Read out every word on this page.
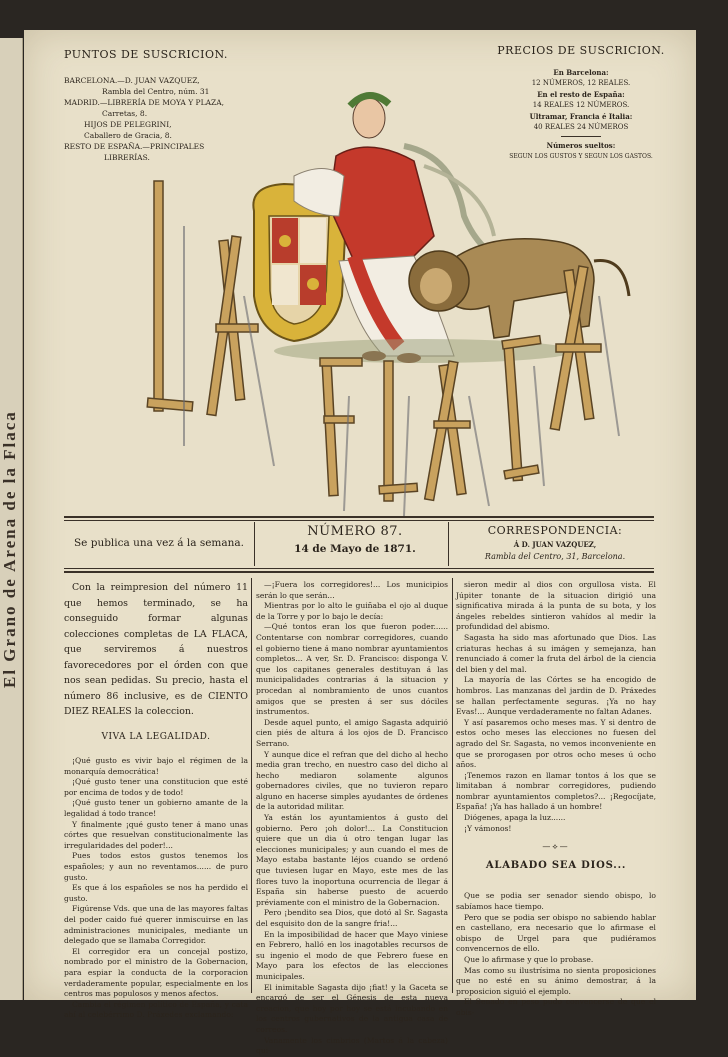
El Grano de Arena de la Flaca
PUNTOS DE SUSCRICION.
BARCELONA.—D. JUAN VAZQUEZ,
Rambla del Centro, núm. 31
MADRID.—LIBRERÍA DE MOYA Y PLAZA,
Carretas, 8.
HIJOS DE PELEGRINI,
Caballero de Gracia, 8.
RESTO DE ESPAÑA.—PRINCIPALES
LIBRERÍAS.
PRECIOS DE SUSCRICION.
En Barcelona:
12 NÚMEROS, 12 REALES.
En el resto de España:
14 REALES 12 NÚMEROS.
Ultramar, Francia é Italia:
40 REALES 24 NÚMEROS
Números sueltos:
SEGUN LOS GUSTOS Y SEGUN LOS GASTOS.
Se publica una vez á la semana.
NÚMERO 87.
14 de Mayo de 1871.
CORRESPONDENCIA:
Á D. JUAN VAZQUEZ,
Rambla del Centro, 31, Barcelona.

Con la reimpresion del número 11 que hemos terminado, se ha conseguido formar algunas colecciones completas de LA FLACA, que serviremos á nuestros favorecedores por el órden con que nos sean pedidas. Su precio, hasta el número 86 inclusive, es de CIENTO DIEZ REALES la coleccion.

VIVA LA LEGALIDAD.

¡Qué gusto es vivir bajo el régimen de la monarquía democrática!

¡Qué gusto tener una constitucion que esté por encima de todos y de todo!

¡Qué gusto tener un gobierno amante de la legalidad á todo trance!

Y finalmente ¡qué gusto tener á mano unas córtes que resuelvan constitucionalmente las irregularidades del poder!...

Pues todos estos gustos tenemos los españoles; y aun no reventamos...... de puro gusto.

Es que á los españoles se nos ha perdido el gusto.

Figúrense Vds. que una de las mayores faltas del poder caido fué querer inmiscuirse en las administraciones municipales, mediante un delegado que se llamaba Corregidor.

El corregidor era un concejal postizo, nombrado por el ministro de la Gobernacion, para espiar la conducta de la corporacion verdaderamente popular, especialmente en los centros mas populosos y menos afectos.

Cambia el régimen político de España, y cata ahí al celebérrimo D. Práxedes exclamando:

—¡Fuera los corregidores!... Los municipios serán lo que serán...

Mientras por lo alto le guiñaba el ojo al duque de la Torre y por lo bajo le decía:

—Qué tontos eran los que fueron poder...... Contentarse con nombrar corregidores, cuando el gobierno tiene á mano nombrar ayuntamientos completos... A ver, Sr. D. Francisco: disponga V. que los capitanes generales destituyan á las municipalidades contrarias á la situacion y procedan al nombramiento de unos cuantos amigos que se presten á ser sus dóciles instrumentos.

Desde aquel punto, el amigo Sagasta adquirió cien piés de altura á los ojos de D. Francisco Serrano.

Y aunque dice el refran que del dicho al hecho media gran trecho, en nuestro caso del dicho al hecho mediaron solamente algunos gobernadores civiles, que no tuvieron reparo alguno en hacerse simples ayudantes de órdenes de la autoridad militar.

Ya están los ayuntamientos á gusto del gobierno. Pero ¡oh dolor!... La Constitucion quiere que un dia ú otro tengan lugar las elecciones municipales; y aun cuando el mes de Mayo estaba bastante léjos cuando se ordenó que tuviesen lugar en Mayo, este mes de las flores tuvo la inoportuna ocurrencia de llegar á España sin haberse puesto de acuerdo préviamente con el ministro de la Gobernacion.

Pero ¡bendito sea Dios, que dotó al Sr. Sagasta del esquisito don de la sangre fria!...

En la imposibilidad de hacer que Mayo viniese en Febrero, halló en los inagotables recursos de su ingenio el modo de que Febrero fuese en Mayo para los efectos de las elecciones municipales.

El inimitable Sagasta dijo ¡fiat! y la Gaceta se encargó de ser el Génesis de esta nueva creacion, que hoy por hoy se está incubando en los centros gubernativos de la antigua casa de correos.

Vanamente los cimbrios (Martos á la cabeza) qui-

sieron medir al dios con orgullosa vista. El Júpiter tonante de la situacion dirigió una significativa mirada á la punta de su bota, y los ángeles rebeldes sintieron vahídos al medir la profundidad del abismo.

Sagasta ha sido mas afortunado que Dios. Las criaturas hechas á su imágen y semejanza, han renunciado á comer la fruta del árbol de la ciencia del bien y del mal.

La mayoría de las Córtes se ha encogido de hombros. Las manzanas del jardin de D. Práxedes se hallan perfectamente seguras. ¡Ya no hay Evas!... Aunque verdaderamente no faltan Adanes.

Y así pasaremos ocho meses mas. Y si dentro de estos ocho meses las elecciones no fuesen del agrado del Sr. Sagasta, no vemos inconveniente en que se prorogasen por otros ocho meses ú ocho años.

¡Tenemos razon en llamar tontos á los que se limitaban á nombrar corregidores, pudiendo nombrar ayuntamientos completos?... ¡Regocíjate, España! ¡Ya has hallado á un hombre!

Diógenes, apaga la luz......

¡Y vámonos!

—⟡—
ALABADO SEA DIOS...

Que se podia ser senador siendo obispo, lo sabíamos hace tiempo.

Pero que se podia ser obispo no sabiendo hablar en castellano, era necesario que lo afirmase el obispo de Urgel para que pudiéramos convencernos de ello.

Que lo afirmase y que lo probase.

Mas como su ilustrísima no sienta proposiciones que no esté en su ánimo demostrar, á la proposicion siguió el ejemplo.

El Senado en peso pudo convencerse de que el obis-
